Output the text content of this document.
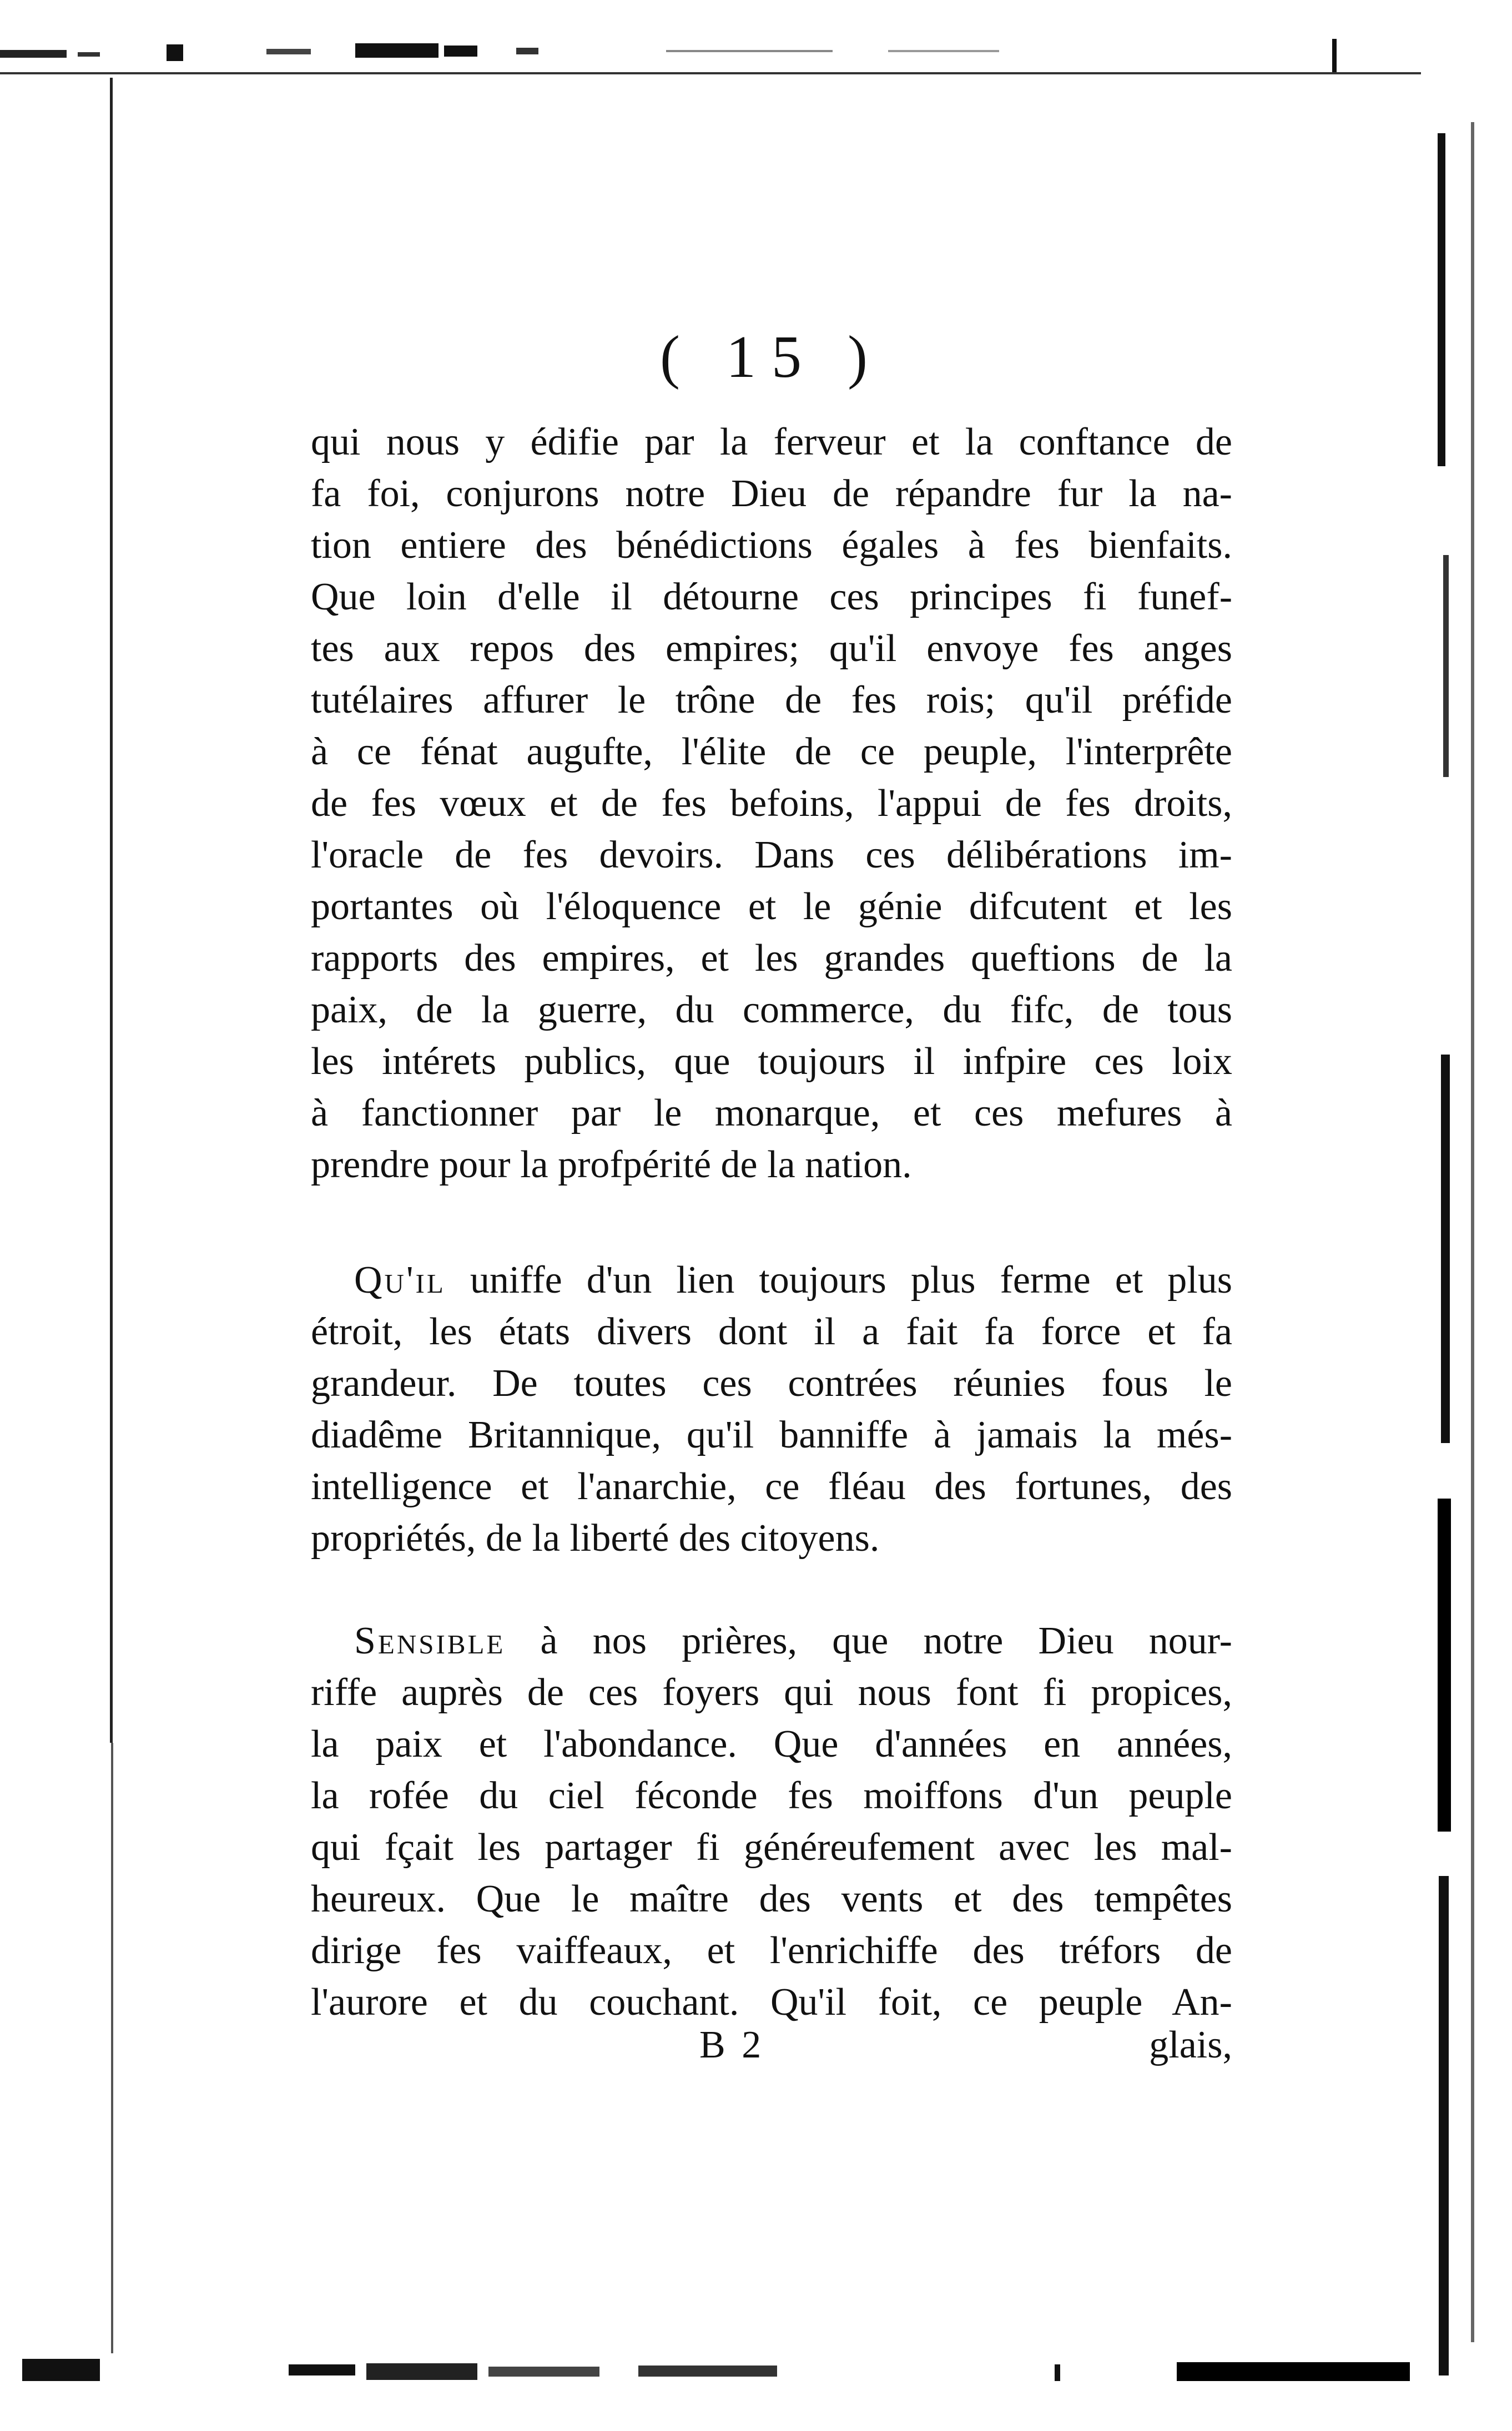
( 15 )
qui nous y édifie par la ferveur et la conftance de
fa foi, conjurons notre Dieu de répandre fur la na-
tion entiere des bénédictions égales à fes bienfaits.
Que loin d'elle il détourne ces principes fi funef-
tes aux repos des empires; qu'il envoye fes anges
tutélaires affurer le trône de fes rois; qu'il préfide
à ce fénat augufte, l'élite de ce peuple, l'interprête
de fes vœux et de fes befoins, l'appui de fes droits,
l'oracle de fes devoirs. Dans ces délibérations im-
portantes où l'éloquence et le génie difcutent et les
rapports des empires, et les grandes queftions de la
paix, de la guerre, du commerce, du fifc, de tous
les intérets publics, que toujours il infpire ces loix
à fanctionner par le monarque, et ces mefures à
prendre pour la profpérité de la nation.
Qu'il uniffe d'un lien toujours plus ferme et plus
étroit, les états divers dont il a fait fa force et fa
grandeur. De toutes ces contrées réunies fous le
diadême Britannique, qu'il banniffe à jamais la més-
intelligence et l'anarchie, ce fléau des fortunes, des
propriétés, de la liberté des citoyens.
Sensible à nos prières, que notre Dieu nour-
riffe auprès de ces foyers qui nous font fi propices,
la paix et l'abondance. Que d'années en années,
la rofée du ciel féconde fes moiffons d'un peuple
qui fçait les partager fi généreufement avec les mal-
heureux. Que le maître des vents et des tempêtes
dirige fes vaiffeaux, et l'enrichiffe des tréfors de
l'aurore et du couchant. Qu'il foit, ce peuple An-
B 2	glais,
